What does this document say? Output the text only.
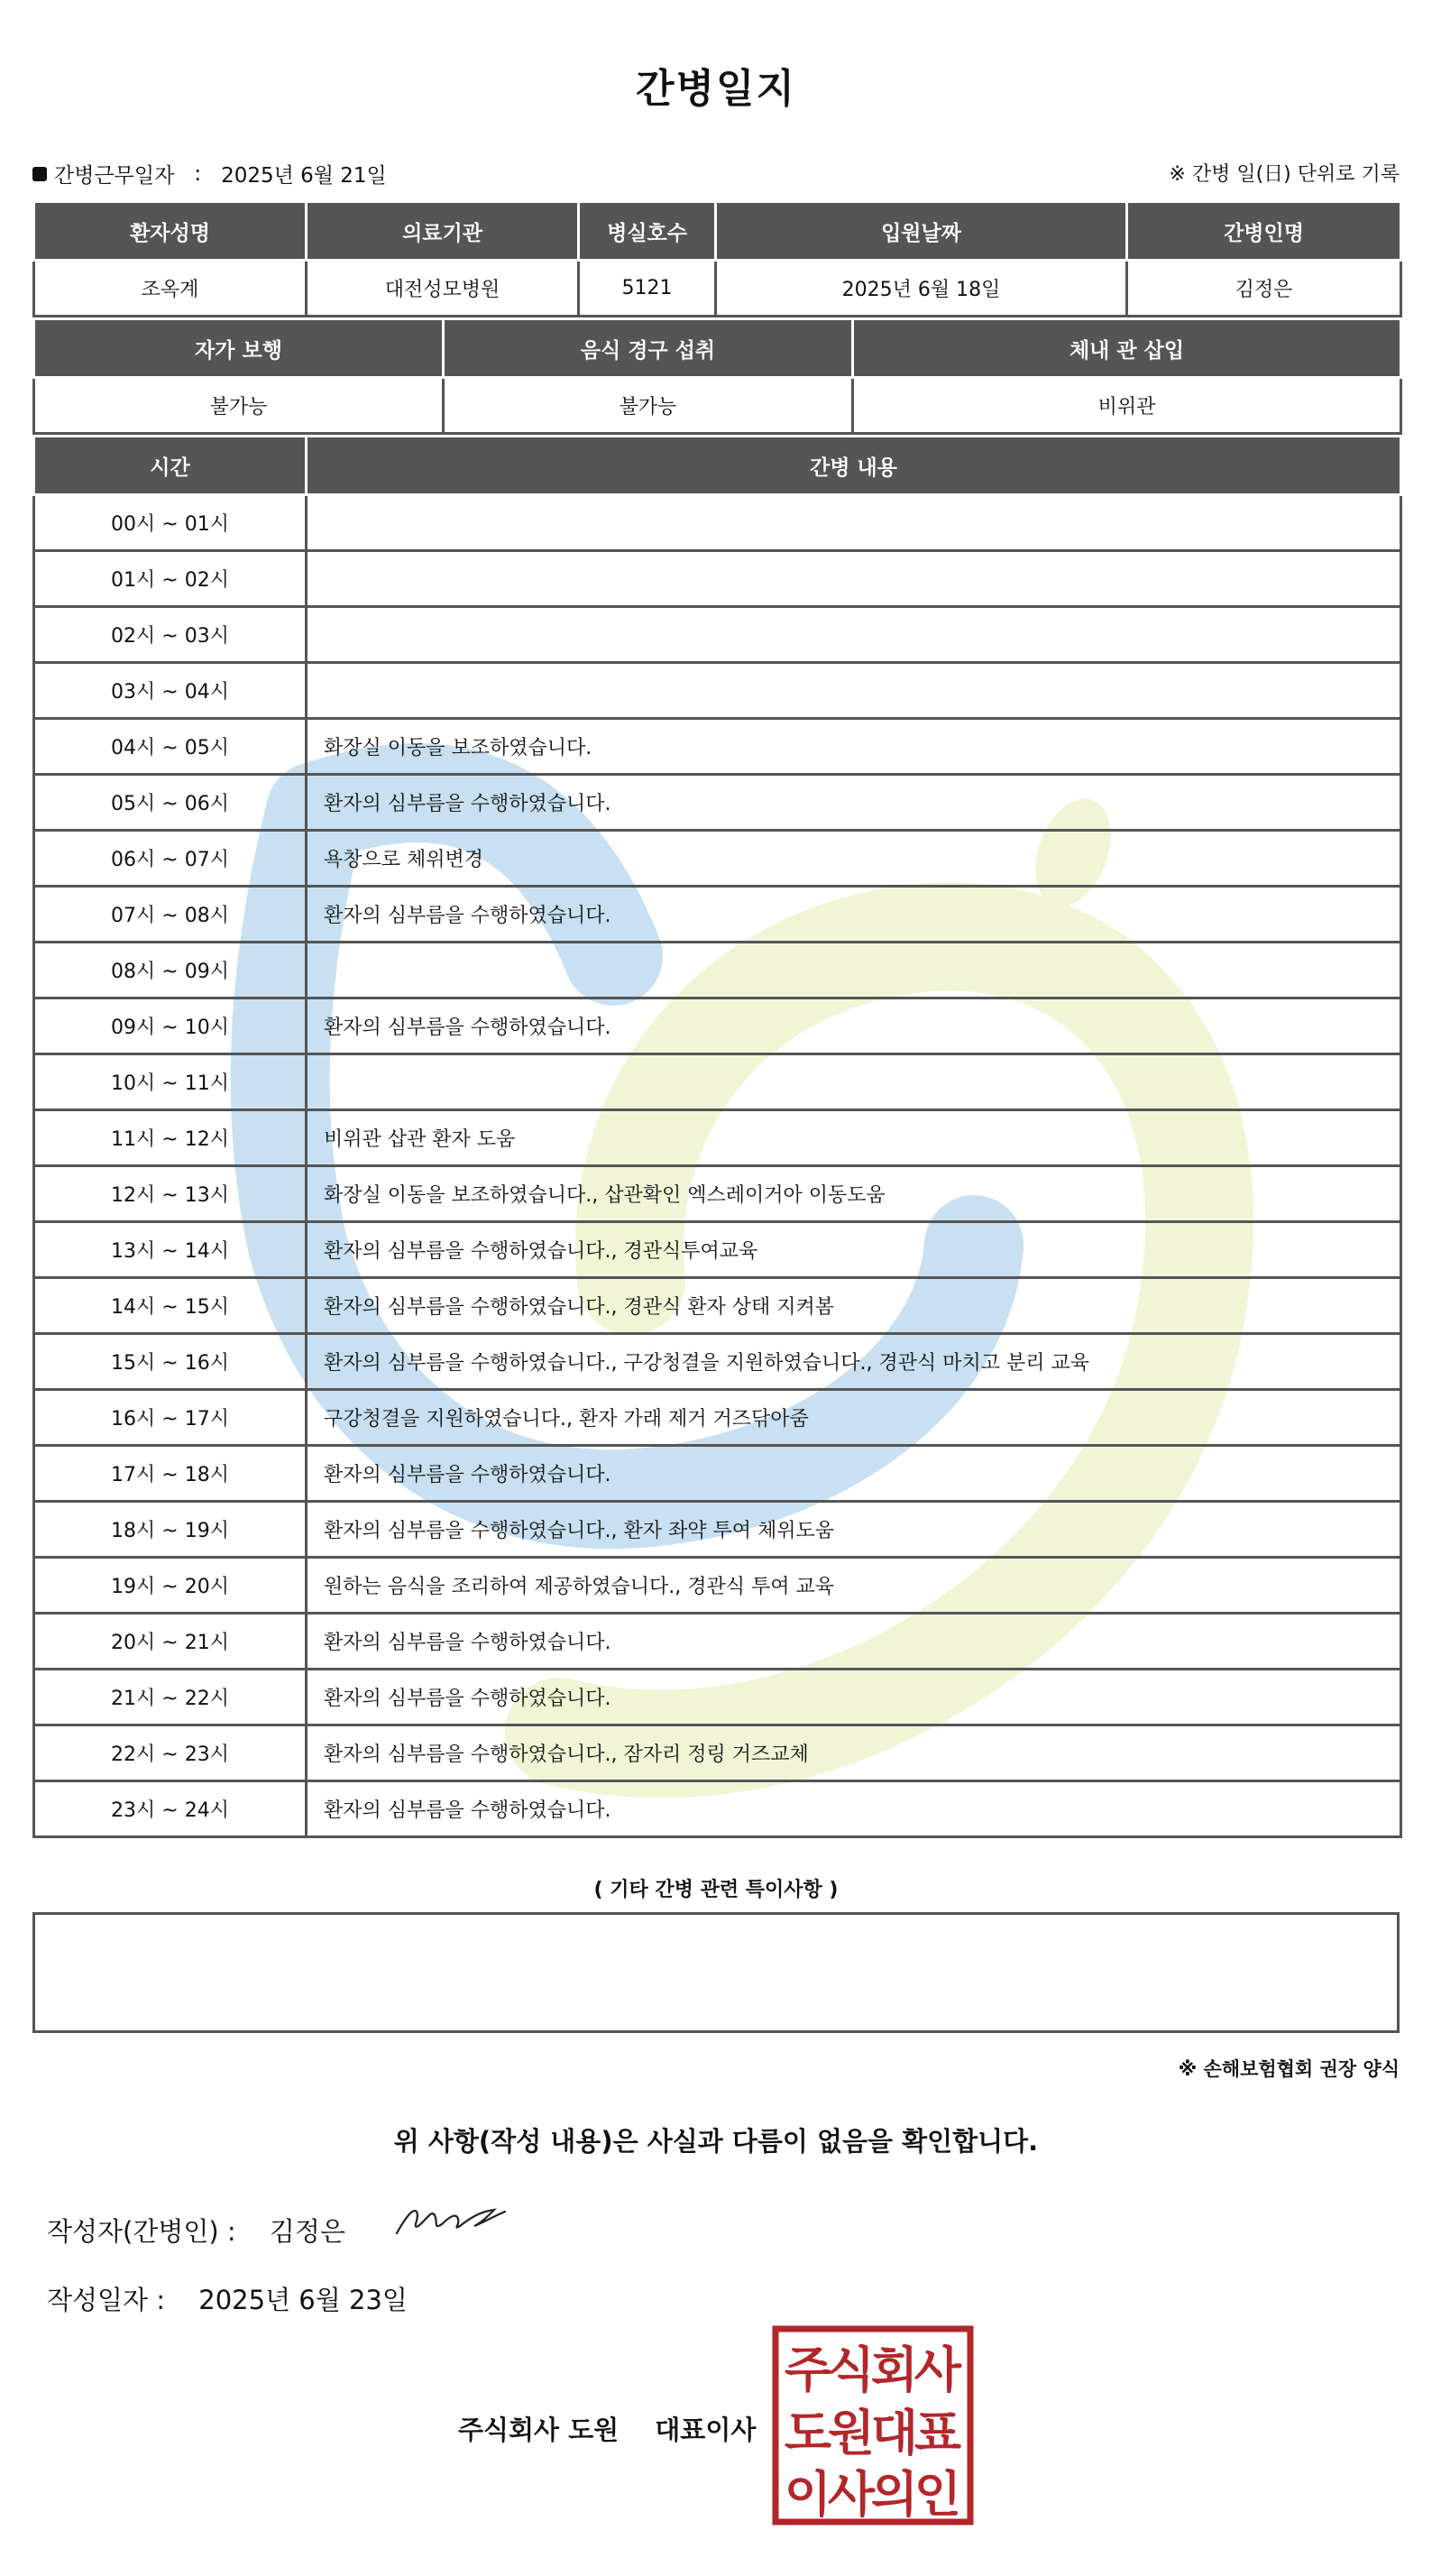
간병일지
간병근무일자 : 2025년 6월 21일	※ 간병 일(日) 단위로 기록
환자성명	의료기관	병실호수	입원날짜	간병인명
조옥계	대전성모병원	5121	2025년 6월 18일	김정은
자가 보행	음식 경구 섭취	체내 관 삽입
불가능	불가능	비위관
시간	간병 내용
00시 ~ 01시	
01시 ~ 02시	
02시 ~ 03시	
03시 ~ 04시	
04시 ~ 05시	화장실 이동을 보조하였습니다.
05시 ~ 06시	환자의 심부름을 수행하였습니다.
06시 ~ 07시	욕창으로 체위변경
07시 ~ 08시	환자의 심부름을 수행하였습니다.
08시 ~ 09시	
09시 ~ 10시	환자의 심부름을 수행하였습니다.
10시 ~ 11시	
11시 ~ 12시	비위관 삽관 환자 도움
12시 ~ 13시	화장실 이동을 보조하였습니다., 삽관확인 엑스레이거아 이동도움
13시 ~ 14시	환자의 심부름을 수행하였습니다., 경관식투여교육
14시 ~ 15시	환자의 심부름을 수행하였습니다., 경관식 환자 상태 지켜봄
15시 ~ 16시	환자의 심부름을 수행하였습니다., 구강청결을 지원하였습니다., 경관식 마치고 분리 교육
16시 ~ 17시	구강청결을 지원하였습니다., 환자 가래 제거 거즈닦아줌
17시 ~ 18시	환자의 심부름을 수행하였습니다.
18시 ~ 19시	환자의 심부름을 수행하였습니다., 환자 좌약 투여 체위도움
19시 ~ 20시	원하는 음식을 조리하여 제공하였습니다., 경관식 투여 교육
20시 ~ 21시	환자의 심부름을 수행하였습니다.
21시 ~ 22시	환자의 심부름을 수행하였습니다.
22시 ~ 23시	환자의 심부름을 수행하였습니다., 잠자리 정링 거즈교체
23시 ~ 24시	환자의 심부름을 수행하였습니다.
( 기타 간병 관련 특이사항 )
※ 손해보험협회 권장 양식
위 사항(작성 내용)은 사실과 다름이 없음을 확인합니다.
작성자(간병인) : 김정은
작성일자 : 2025년 6월 23일
주식회사 도원 대표이사
주
식
회
사
도
원
대
표
이
사
의
인
